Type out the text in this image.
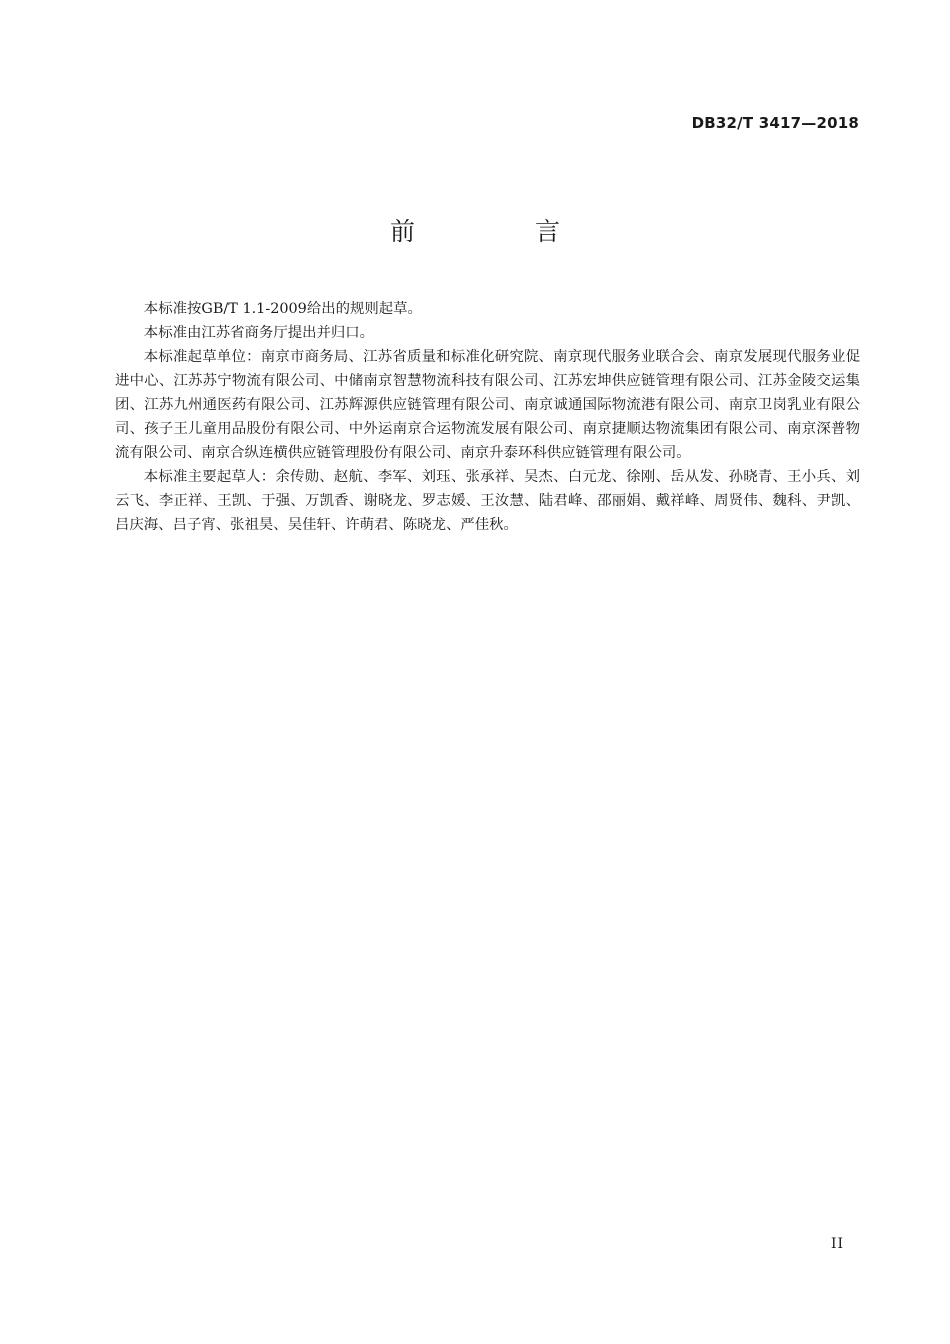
DB32/T 3417—2018
前 言

本标准按GB/T 1.1-2009给出的规则起草。

本标准由江苏省商务厅提出并归口。

本标准起草单位：南京市商务局、江苏省质量和标准化研究院、南京现代服务业联合会、南京发展现代服务业促进中心、江苏苏宁物流有限公司、中储南京智慧物流科技有限公司、江苏宏坤供应链管理有限公司、江苏金陵交运集团、江苏九州通医药有限公司、江苏辉源供应链管理有限公司、南京诚通国际物流港有限公司、南京卫岗乳业有限公司、孩子王儿童用品股份有限公司、中外运南京合运物流发展有限公司、南京捷顺达物流集团有限公司、南京深普物流有限公司、南京合纵连横供应链管理股份有限公司、南京升泰环科供应链管理有限公司。

本标准主要起草人：余传勋、赵航、李军、刘珏、张承祥、吴杰、白元龙、徐刚、岳从发、孙晓青、王小兵、刘云飞、李正祥、王凯、于强、万凯香、谢晓龙、罗志媛、王汝慧、陆君峰、邵丽娟、戴祥峰、周贤伟、魏科、尹凯、吕庆海、吕子宵、张祖昊、吴佳轩、许萌君、陈晓龙、严佳秋。

II
